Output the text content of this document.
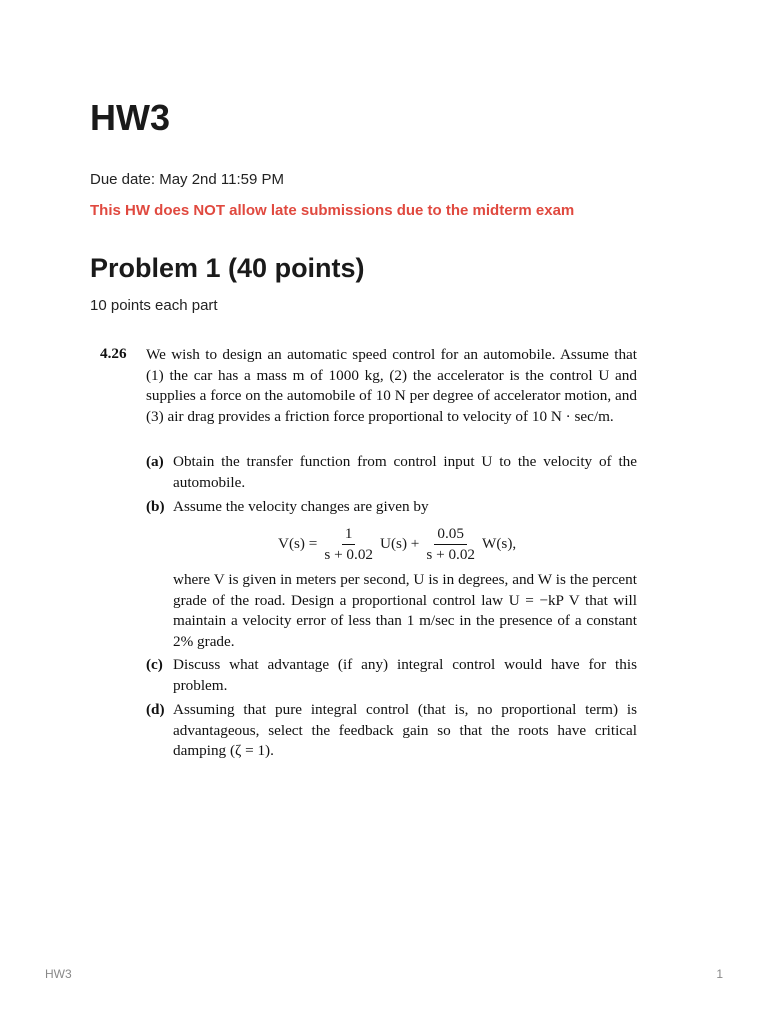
HW3
Due date: May 2nd 11:59 PM
This HW does NOT allow late submissions due to the midterm exam
Problem 1 (40 points)
10 points each part
4.26 We wish to design an automatic speed control for an automobile. Assume that (1) the car has a mass m of 1000 kg, (2) the accelerator is the control U and supplies a force on the automobile of 10 N per degree of accelerator motion, and (3) air drag provides a friction force proportional to velocity of 10 N · sec/m.
(a) Obtain the transfer function from control input U to the velocity of the automobile.
(b) Assume the velocity changes are given by
$V(s) = \frac{1}{s + 0.02} U(s) + \frac{0.05}{s + 0.02} W(s)$,
where V is given in meters per second, U is in degrees, and W is the percent grade of the road. Design a proportional control law U = −kP V that will maintain a velocity error of less than 1 m/sec in the presence of a constant 2% grade.
(c) Discuss what advantage (if any) integral control would have for this problem.
(d) Assuming that pure integral control (that is, no proportional term) is advantageous, select the feedback gain so that the roots have critical damping (ζ = 1).
HW3	1
